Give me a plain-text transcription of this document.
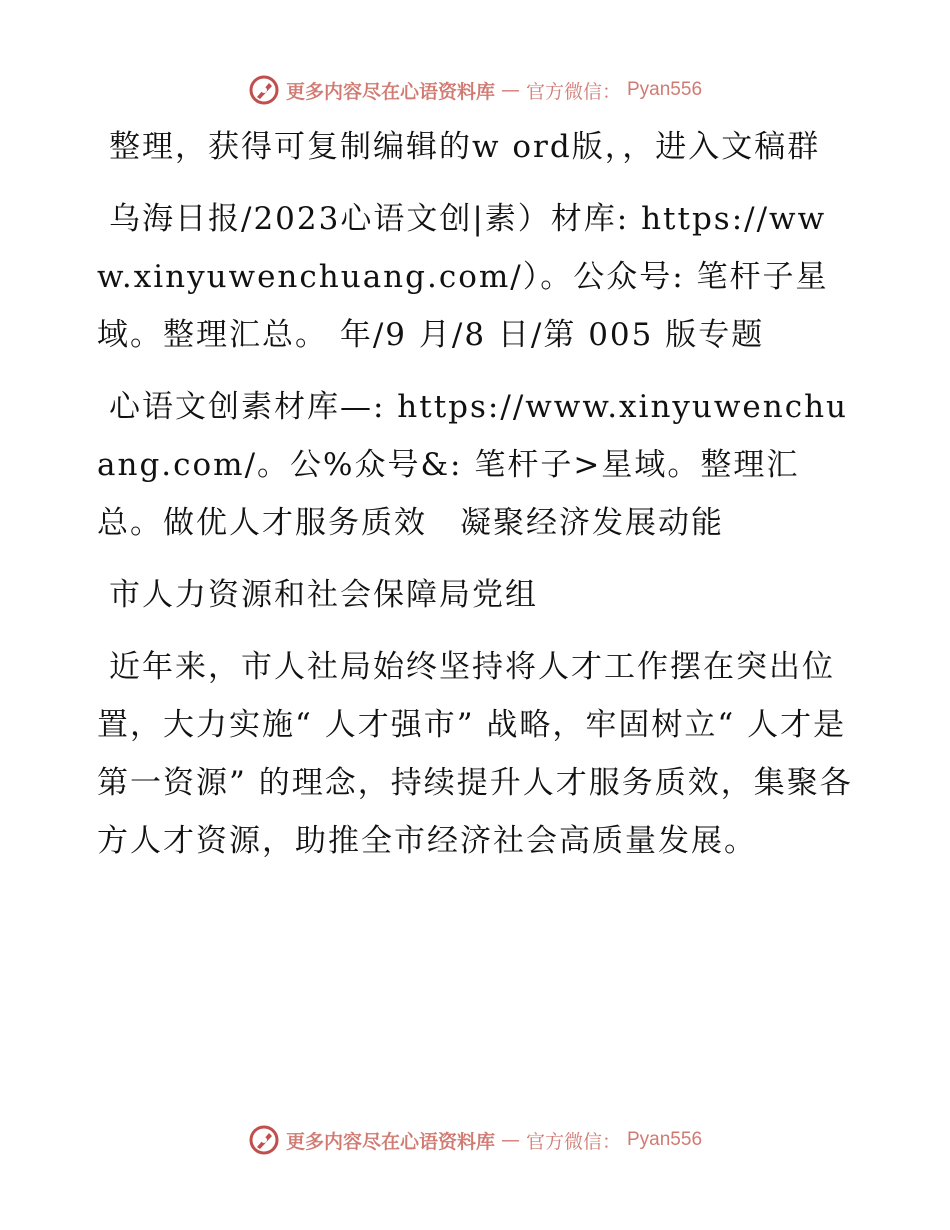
更多内容尽在心语资料库 — 官方微信： Pyan556

整理，获得可复制编辑的w ord版，，进入文稿群

乌海日报/2023心语文创|素）材库: https://www.xinyuwenchuang.com/）。公众号: 笔杆子星域。整理汇总。 年/9 月/8 日/第 005 版专题

心语文创素材库—: https://www.xinyuwenchuang.com/。公%众号&: 笔杆子>星域。整理汇总。做优人才服务质效　凝聚经济发展动能

市人力资源和社会保障局党组

近年来，市人社局始终坚持将人才工作摆在突出位置，大力实施“ 人才强市” 战略，牢固树立“ 人才是第一资源” 的理念，持续提升人才服务质效，集聚各方人才资源，助推全市经济社会高质量发展。

更多内容尽在心语资料库 — 官方微信： Pyan556
